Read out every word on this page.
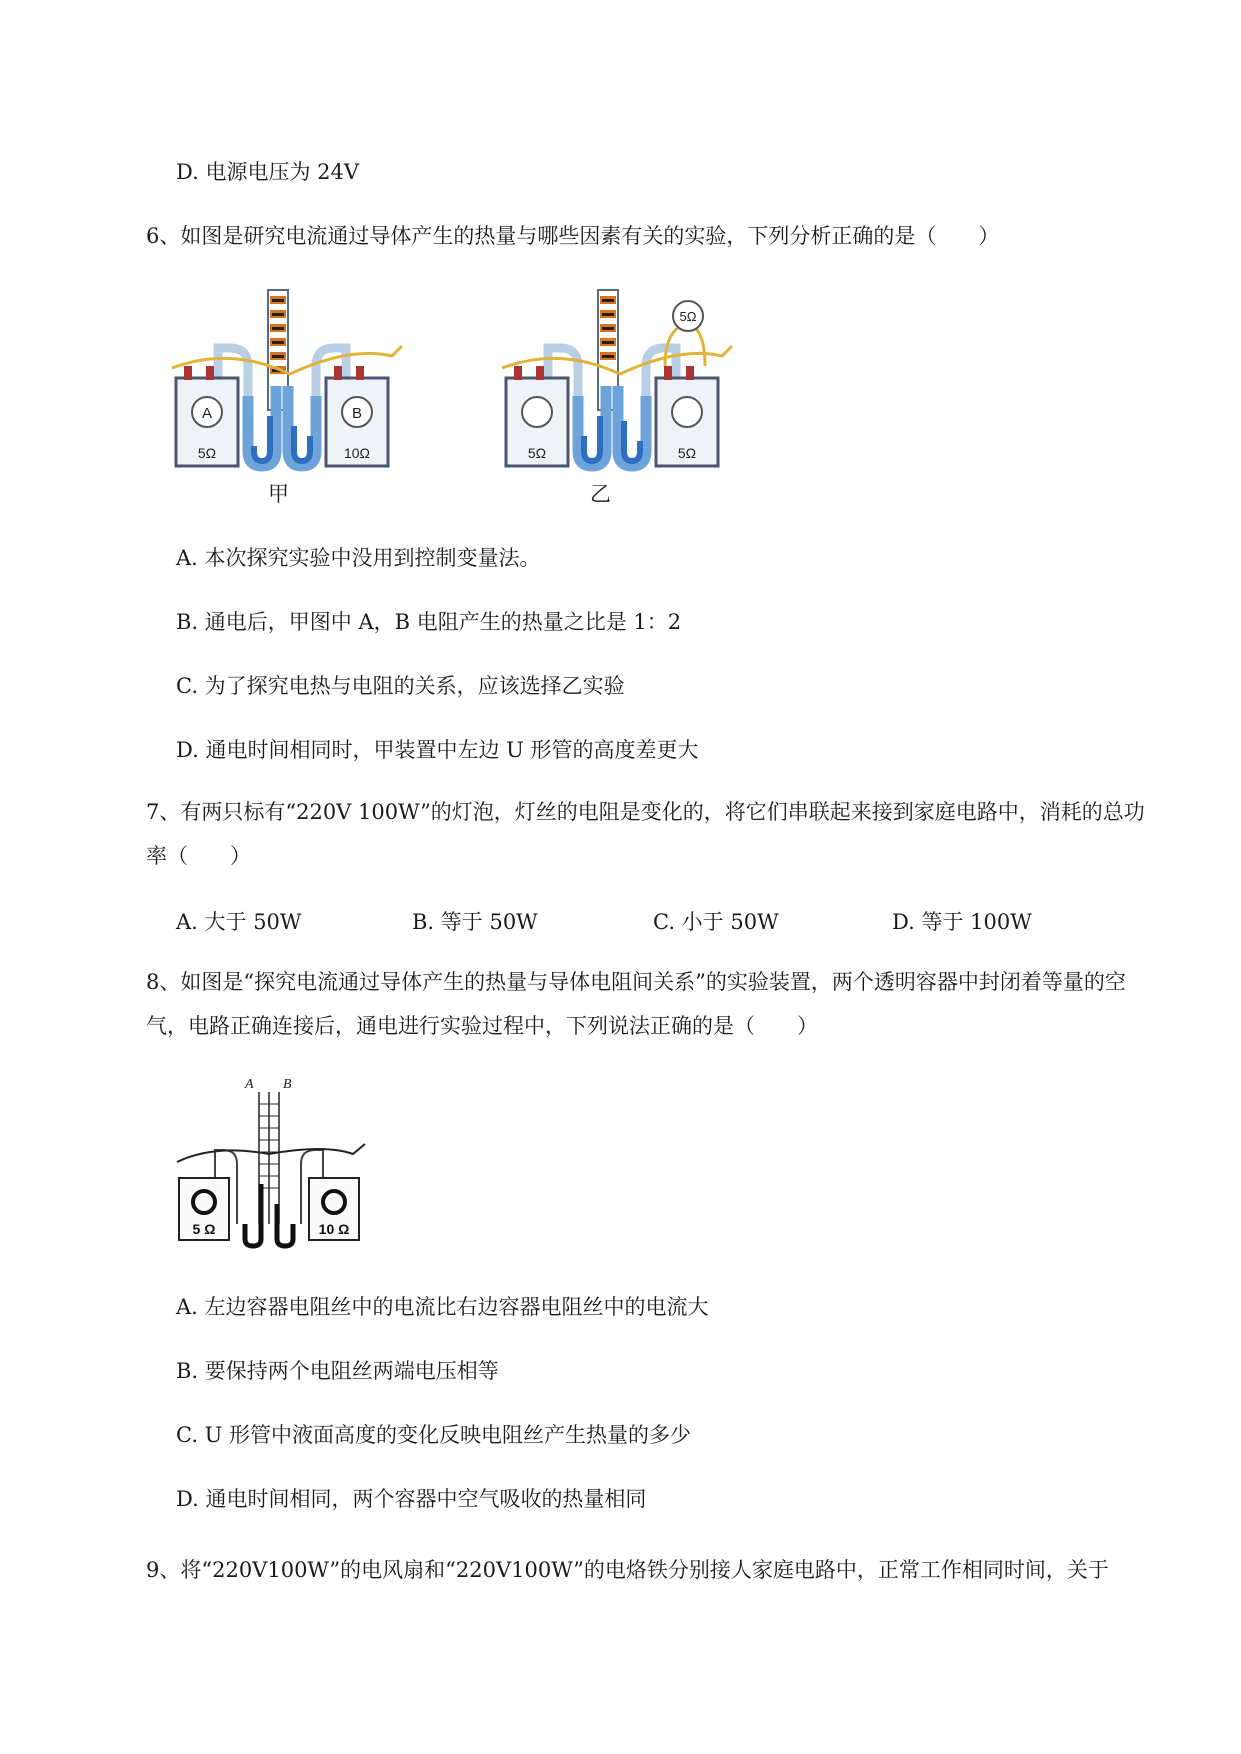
D. 电源电压为 24V
6、如图是研究电流通过导体产生的热量与哪些因素有关的实验，下列分析正确的是（　　）
A	B
5Ω	10Ω
甲
5Ω
5Ω	5Ω
乙
A. 本次探究实验中没用到控制变量法。
B. 通电后，甲图中 A，B 电阻产生的热量之比是 1：2
C. 为了探究电热与电阻的关系，应该选择乙实验
D. 通电时间相同时，甲装置中左边 U 形管的高度差更大
7、有两只标有“220V 100W”的灯泡，灯丝的电阻是变化的，将它们串联起来接到家庭电路中，消耗的总功率（　　）
A. 大于 50W	B. 等于 50W	C. 小于 50W	D. 等于 100W
8、如图是“探究电流通过导体产生的热量与导体电阻间关系”的实验装置，两个透明容器中封闭着等量的空气，电路正确连接后，通电进行实验过程中，下列说法正确的是（　　）
A B
5 Ω	10 Ω
A. 左边容器电阻丝中的电流比右边容器电阻丝中的电流大
B. 要保持两个电阻丝两端电压相等
C. U 形管中液面高度的变化反映电阻丝产生热量的多少
D. 通电时间相同，两个容器中空气吸收的热量相同
9、将“220V100W”的电风扇和“220V100W”的电烙铁分别接人家庭电路中，正常工作相同时间，关于
